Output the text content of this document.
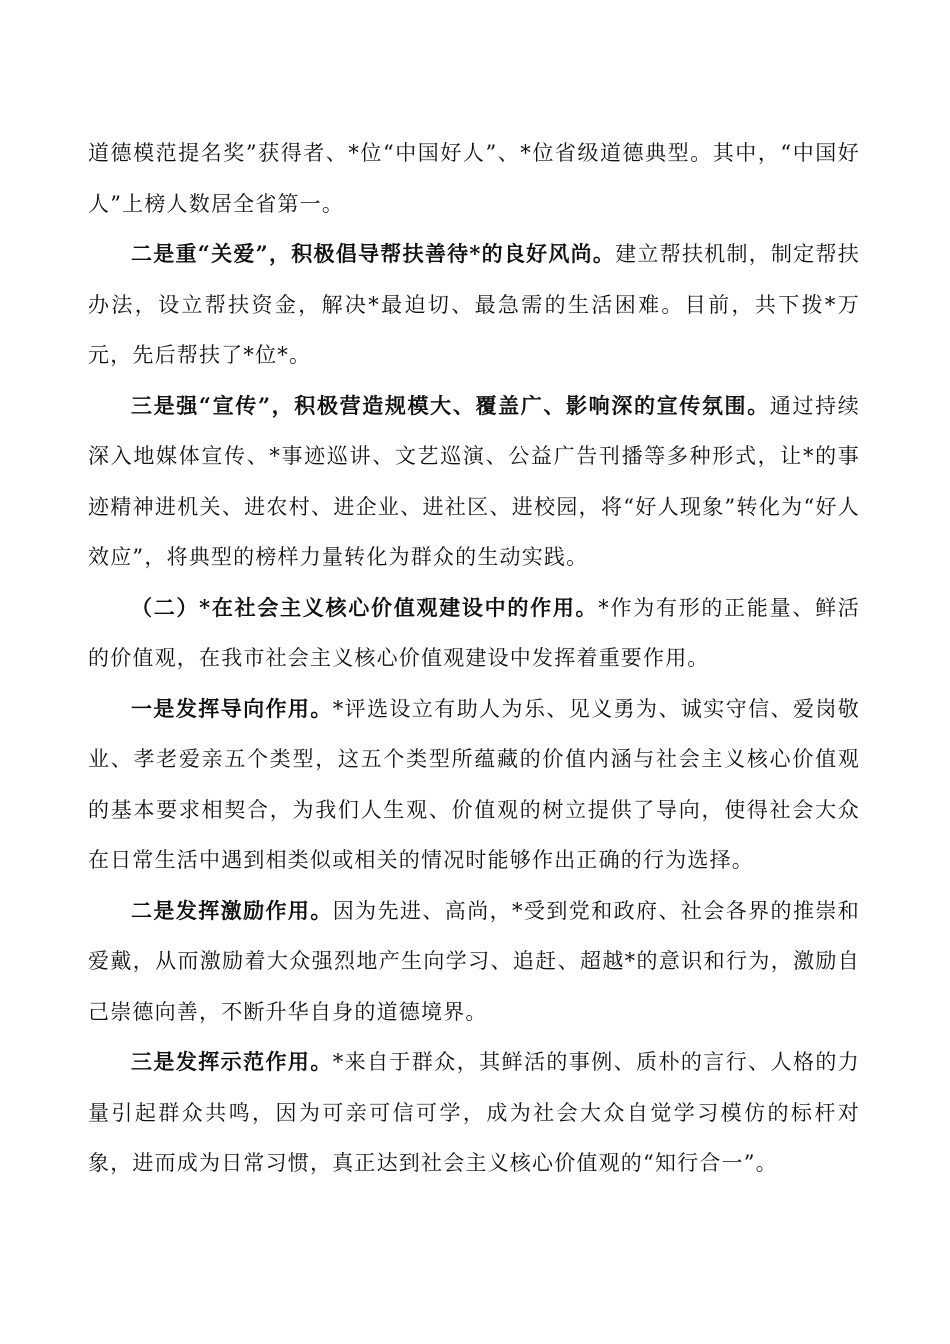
道德模范提名奖”获得者、*位“中国好人”、*位省级道德典型。其中，“中国好人”上榜人数居全省第一。

二是重“关爱”，积极倡导帮扶善待*的良好风尚。建立帮扶机制，制定帮扶办法，设立帮扶资金，解决*最迫切、最急需的生活困难。目前，共下拨*万元，先后帮扶了*位*。

三是强“宣传”，积极营造规模大、覆盖广、影响深的宣传氛围。通过持续深入地媒体宣传、*事迹巡讲、文艺巡演、公益广告刊播等多种形式，让*的事迹精神进机关、进农村、进企业、进社区、进校园，将“好人现象”转化为“好人效应”，将典型的榜样力量转化为群众的生动实践。

（二）*在社会主义核心价值观建设中的作用。*作为有形的正能量、鲜活的价值观，在我市社会主义核心价值观建设中发挥着重要作用。

一是发挥导向作用。*评选设立有助人为乐、见义勇为、诚实守信、爱岗敬业、孝老爱亲五个类型，这五个类型所蕴藏的价值内涵与社会主义核心价值观的基本要求相契合，为我们人生观、价值观的树立提供了导向，使得社会大众在日常生活中遇到相类似或相关的情况时能够作出正确的行为选择。

二是发挥激励作用。因为先进、高尚，*受到党和政府、社会各界的推崇和爱戴，从而激励着大众强烈地产生向学习、追赶、超越*的意识和行为，激励自己崇德向善，不断升华自身的道德境界。

三是发挥示范作用。*来自于群众，其鲜活的事例、质朴的言行、人格的力量引起群众共鸣，因为可亲可信可学，成为社会大众自觉学习模仿的标杆对象，进而成为日常习惯，真正达到社会主义核心价值观的“知行合一”。
